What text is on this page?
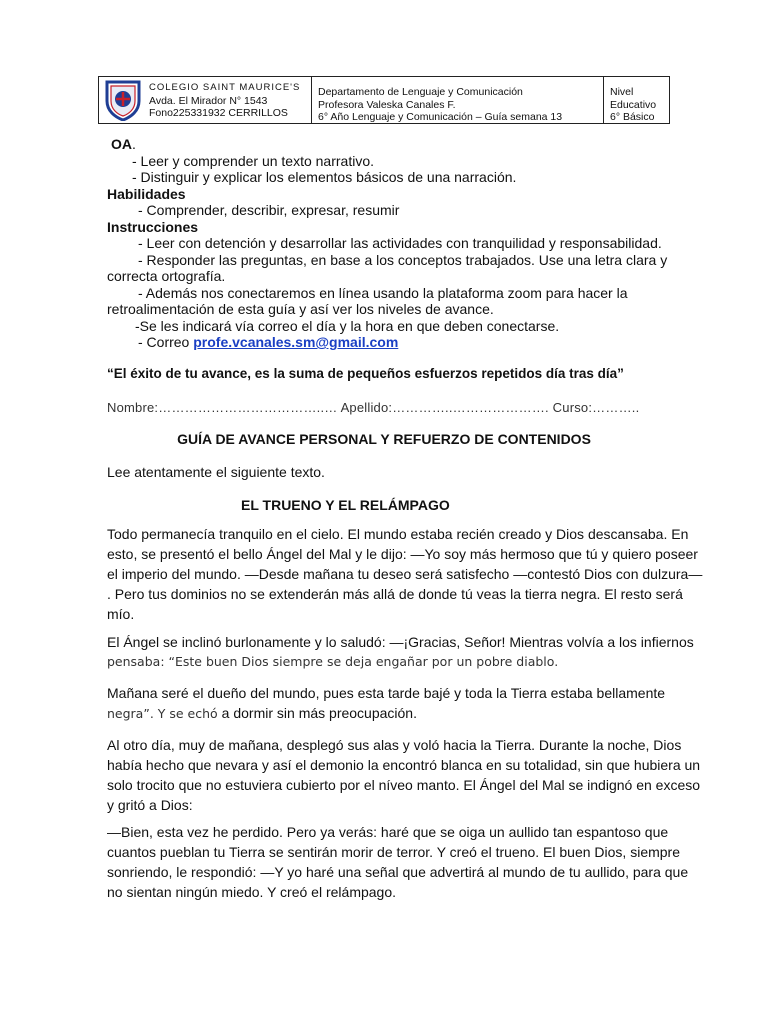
COLEGIO SAINT MAURICE'S
Avda. El Mirador N° 1543
Fono225331932 CERRILLOS
Departamento de Lenguaje y Comunicación
Profesora Valeska Canales F.
6° Año Lenguaje y Comunicación – Guía semana 13
Nivel Educativo
6° Básico
OA.
- Leer y comprender un texto narrativo.
- Distinguir y explicar los elementos básicos de una narración.
Habilidades
- Comprender, describir, expresar, resumir
Instrucciones
- Leer con detención y desarrollar las actividades con tranquilidad y responsabilidad.
- Responder las preguntas, en base a los conceptos trabajados. Use una letra clara y
correcta ortografía.
- Además nos conectaremos en línea usando la plataforma zoom para hacer la
retroalimentación de esta guía y así ver los niveles de avance.
-Se les indicará vía correo el día y la hora en que deben conectarse.
- Correo profe.vcanales.sm@gmail.com
“El éxito de tu avance, es la suma de pequeños esfuerzos repetidos día tras día”
Nombre:………………………………..… Apellido:…………..…………………. Curso:………..
GUÍA DE AVANCE PERSONAL Y REFUERZO DE CONTENIDOS
Lee atentamente el siguiente texto.
EL TRUENO Y EL RELÁMPAGO
Todo permanecía tranquilo en el cielo. El mundo estaba recién creado y Dios descansaba. En
esto, se presentó el bello Ángel del Mal y le dijo: —Yo soy más hermoso que tú y quiero poseer
el imperio del mundo. —Desde mañana tu deseo será satisfecho —contestó Dios con dulzura—
. Pero tus dominios no se extenderán más allá de donde tú veas la tierra negra. El resto será
mío.
El Ángel se inclinó burlonamente y lo saludó: —¡Gracias, Señor! Mientras volvía a los infiernos
pensaba: “Este buen Dios siempre se deja engañar por un pobre diablo.
Mañana seré el dueño del mundo, pues esta tarde bajé y toda la Tierra estaba bellamente
negra”. Y se echó a dormir sin más preocupación.
Al otro día, muy de mañana, desplegó sus alas y voló hacia la Tierra. Durante la noche, Dios
había hecho que nevara y así el demonio la encontró blanca en su totalidad, sin que hubiera un
solo trocito que no estuviera cubierto por el níveo manto. El Ángel del Mal se indignó en exceso
y gritó a Dios:
—Bien, esta vez he perdido. Pero ya verás: haré que se oiga un aullido tan espantoso que
cuantos pueblan tu Tierra se sentirán morir de terror. Y creó el trueno. El buen Dios, siempre
sonriendo, le respondió: —Y yo haré una señal que advertirá al mundo de tu aullido, para que
no sientan ningún miedo. Y creó el relámpago.
